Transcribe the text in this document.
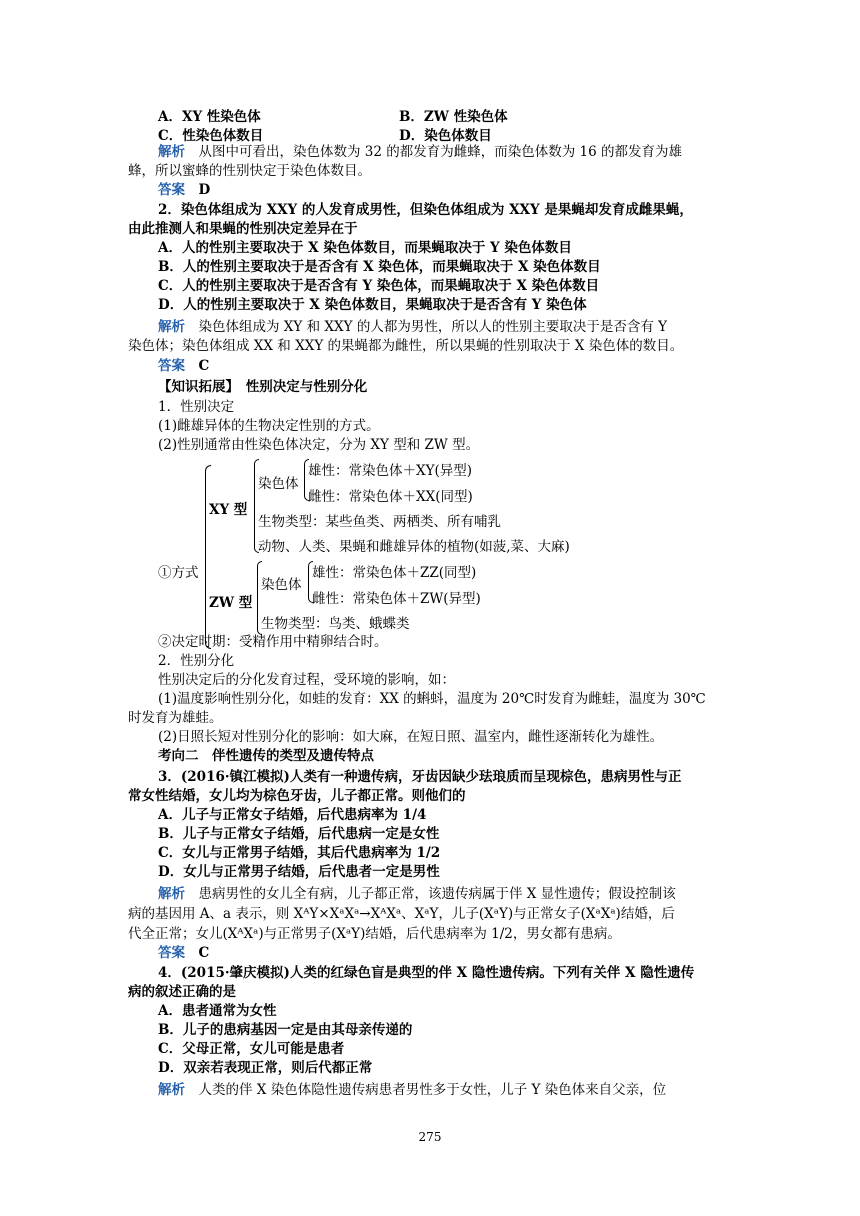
A．XY 性染色体	B．ZW 性染色体
C．性染色体数目	D．染色体数目
解析　 从图中可看出，染色体数为 32 的都发育为雌蜂，而染色体数为 16 的都发育为雄
蜂，所以蜜蜂的性别快定于染色体数目。
答案　 D
2．染色体组成为 XXY 的人发育成男性，但染色体组成为 XXY 是果蝇却发育成雌果蝇，
由此推测人和果蝇的性别决定差异在于
A．人的性别主要取决于 X 染色体数目，而果蝇取决于 Y 染色体数目
B．人的性别主要取决于是否含有 X 染色体，而果蝇取决于 X 染色体数目
C．人的性别主要取决于是否含有 Y 染色体，而果蝇取决于 X 染色体数目
D．人的性别主要取决于 X 染色体数目，果蝇取决于是否含有 Y 染色体
解析　 染色体组成为 XY 和 XXY 的人都为男性，所以人的性别主要取决于是否含有 Y
染色体；染色体组成 XX 和 XXY 的果蝇都为雌性，所以果蝇的性别取决于 X 染色体的数目。
答案　 C
【知识拓展】　性别决定与性别分化
1．性别决定
(1)雌雄异体的生物决定性别的方式。
(2)性别通常由性染色体决定，分为 XY 型和 ZW 型。
①方式
XY 型
染色体
雄性：常染色体＋XY(异型)
雌性：常染色体＋XX(同型)
生物类型：某些鱼类、两栖类、所有哺乳
动物、人类、果蝇和雌雄异体的植物(如菠,菜、大麻)
ZW 型
染色体
雄性：常染色体＋ZZ(同型)
雌性：常染色体＋ZW(异型)
生物类型：鸟类、蛾蝶类
②决定时期：受精作用中精卵结合时。
2．性别分化
性别决定后的分化发育过程，受环境的影响，如：
(1)温度影响性别分化，如蛙的发育：XX 的蝌蚪，温度为 20℃时发育为雌蛙，温度为 30℃
时发育为雄蛙。
(2)日照长短对性别分化的影响：如大麻，在短日照、温室内，雌性逐渐转化为雄性。
考向二　伴性遗传的类型及遗传特点
3．(2016·镇江模拟)人类有一种遗传病，牙齿因缺少珐琅质而呈现棕色，患病男性与正
常女性结婚，女儿均为棕色牙齿，儿子都正常。则他们的
A．儿子与正常女子结婚，后代患病率为 1/4
B．儿子与正常女子结婚，后代患病一定是女性
C．女儿与正常男子结婚，其后代患病率为 1/2
D．女儿与正常男子结婚，后代患者一定是男性
解析　 患病男性的女儿全有病，儿子都正常，该遗传病属于伴 X 显性遗传；假设控制该
病的基因用 A、a 表示，则 XᴬY×XᵃXᵃ→XᴬXᵃ、XᵃY，儿子(XᵃY)与正常女子(XᵃXᵃ)结婚，后
代全正常；女儿(XᴬXᵃ)与正常男子(XᵃY)结婚，后代患病率为 1/2，男女都有患病。
答案　 C
4．(2015·肇庆模拟)人类的红绿色盲是典型的伴 X 隐性遗传病。下列有关伴 X 隐性遗传
病的叙述正确的是
A．患者通常为女性
B．儿子的患病基因一定是由其母亲传递的
C．父母正常，女儿可能是患者
D．双亲若表现正常，则后代都正常
解析　 人类的伴 X 染色体隐性遗传病患者男性多于女性，儿子 Y 染色体来自父亲，位
275
